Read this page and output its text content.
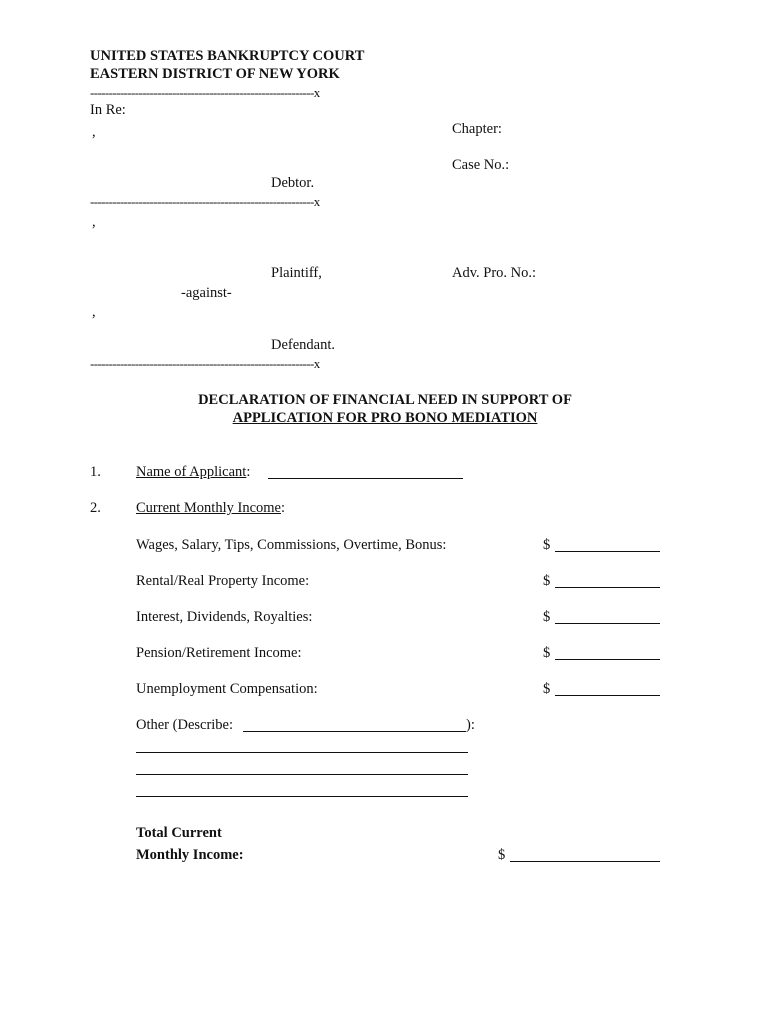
UNITED STATES BANKRUPTCY COURT
EASTERN DISTRICT OF NEW YORK
------------------------------------------------------------x
In Re:
,	Chapter:
Case No.:
Debtor.
------------------------------------------------------------x
,
Plaintiff,	Adv. Pro. No.:
-against-
,
Defendant.
------------------------------------------------------------x
DECLARATION OF FINANCIAL NEED IN SUPPORT OF
APPLICATION FOR PRO BONO MEDIATION
1. Name of Applicant:
2. Current Monthly Income:
Wages, Salary, Tips, Commissions, Overtime, Bonus:	$
Rental/Real Property Income:	$
Interest, Dividends, Royalties:	$
Pension/Retirement Income:	$
Unemployment Compensation:	$
Other (Describe:	):
Total Current
Monthly Income:	$
